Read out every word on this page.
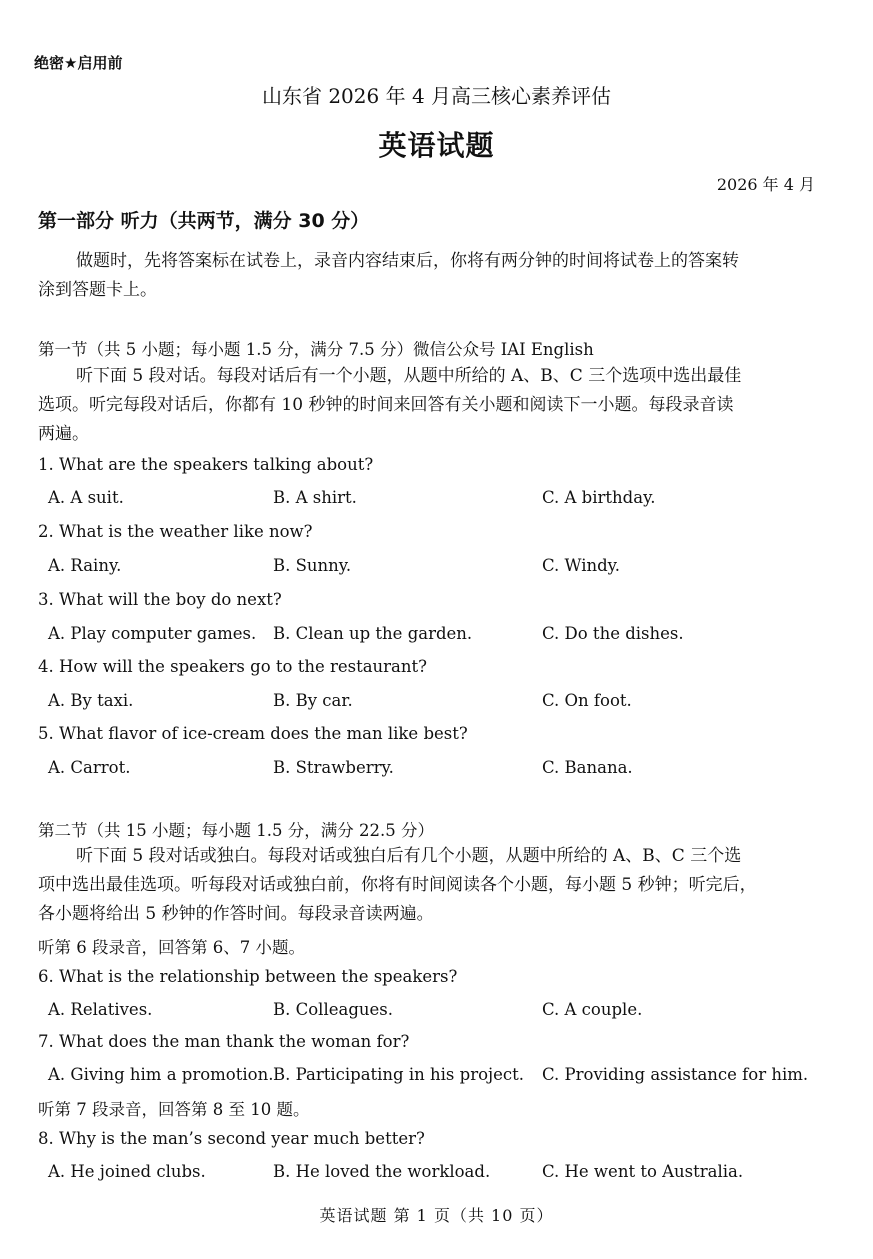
绝密★启用前
山东省 2026 年 4 月高三核心素养评估
英语试题
2026 年 4 月
第一部分 听力（共两节，满分 30 分）
做题时，先将答案标在试卷上，录音内容结束后，你将有两分钟的时间将试卷上的答案转
涂到答题卡上。
第一节（共 5 小题；每小题 1.5 分，满分 7.5 分）微信公众号 IAI English
听下面 5 段对话。每段对话后有一个小题，从题中所给的 A、B、C 三个选项中选出最佳
选项。听完每段对话后，你都有 10 秒钟的时间来回答有关小题和阅读下一小题。每段录音读
两遍。
1. What are the speakers talking about?
A. A suit.	B. A shirt.	C. A birthday.
2. What is the weather like now?
A. Rainy.	B. Sunny.	C. Windy.
3. What will the boy do next?
A. Play computer games. B. Clean up the garden.	C. Do the dishes.
4. How will the speakers go to the restaurant?
A. By taxi.	B. By car.	C. On foot.
5. What flavor of ice-cream does the man like best?
A. Carrot.	B. Strawberry.	C. Banana.
第二节（共 15 小题；每小题 1.5 分，满分 22.5 分）
听下面 5 段对话或独白。每段对话或独白后有几个小题，从题中所给的 A、B、C 三个选
项中选出最佳选项。听每段对话或独白前，你将有时间阅读各个小题，每小题 5 秒钟；听完后，
各小题将给出 5 秒钟的作答时间。每段录音读两遍。
听第 6 段录音，回答第 6、7 小题。
6. What is the relationship between the speakers?
A. Relatives.	B. Colleagues.	C. A couple.
7. What does the man thank the woman for?
A. Giving him a promotion. B. Participating in his project. C. Providing assistance for him.
听第 7 段录音，回答第 8 至 10 题。
8. Why is the man’s second year much better?
A. He joined clubs.	B. He loved the workload.	C. He went to Australia.
英语试题 第 1 页（共 10 页）
